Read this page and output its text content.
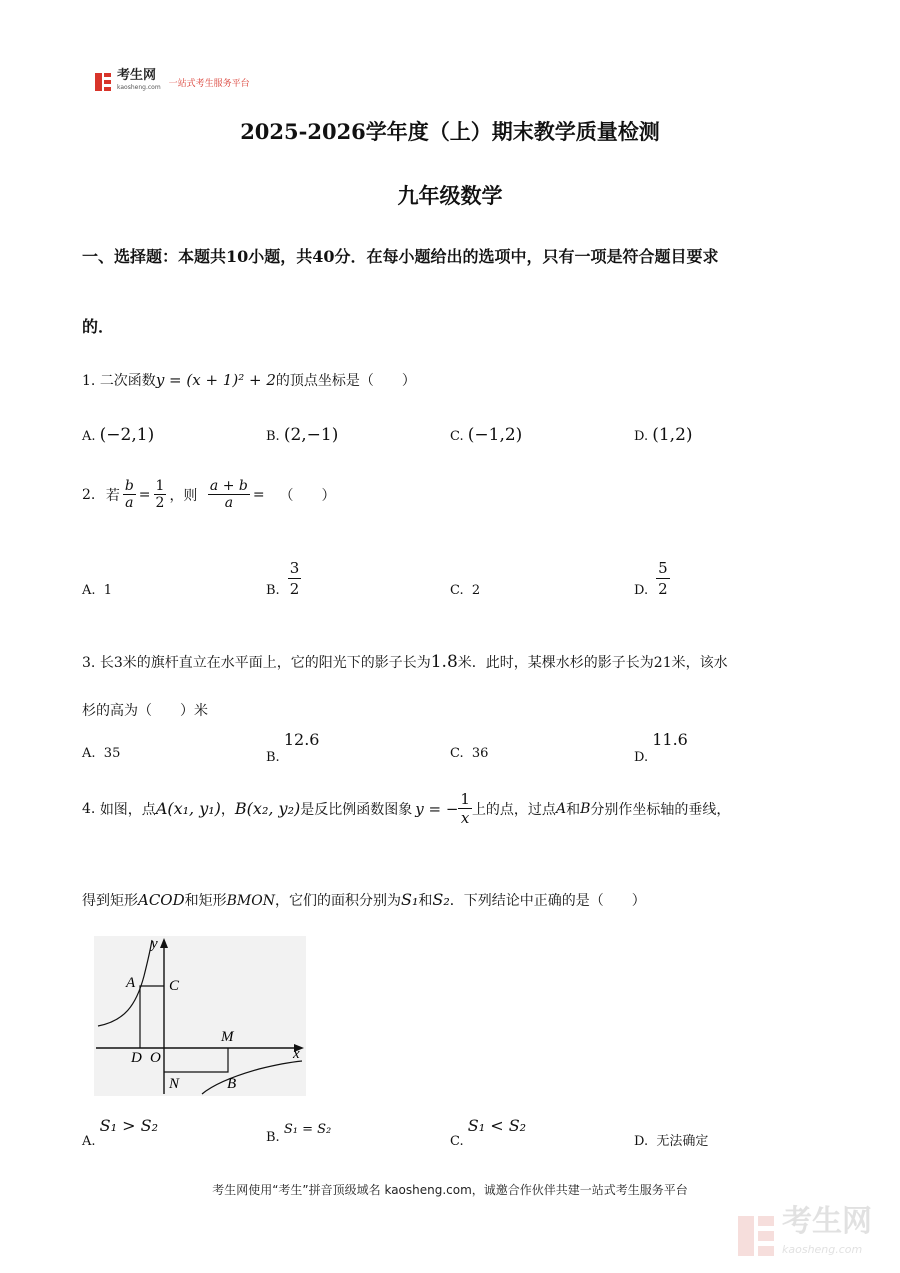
考生网
kaosheng.com 一站式考生服务平台
2025-2026学年度（上）期末教学质量检测
九年级数学
一、选择题：本题共10小题，共40分．在每小题给出的选项中，只有一项是符合题目要求
的．
1. 二次函数y = (x + 1)² + 2的顶点坐标是（　　）
A. (−2,1)	B. (2,−1)	C. (−1,2)	D. (1,2)
2.
若 $\frac{b}{a} = \frac{1}{2}$ ，则
$\frac{a + b}{a}$ =
（　　）
A. 1	B. $\frac{3}{2}$	C. 2	D. $\frac{5}{2}$
3. 长3米的旗杆直立在水平面上，它的阳光下的影子长为1.8米．此时，某棵水杉的影子长为21米，该水
杉的高为（　　）米
A. 35	B. 12.6
C. 36	D. 11.6
4.
如图，点 A(x₁, y₁) ， B(x₂, y₂) 是反比例函数图象 y = − $\frac{1}{x}$ 上的点，过点 A 和 B 分别作坐标轴的垂线，
得到矩形ACOD和矩形BMON，它们的面积分别为S₁和S₂．下列结论中正确的是（　　）
y
x
A C
D O
M
N	B
A. S₁ > S₂
B. S₁ = S₂
C. S₁ < S₂
D. 无法确定
考生网使用“考生”拼音顶级域名 kaosheng.com，诚邀合作伙伴共建一站式考生服务平台
考生网
kaosheng.com
